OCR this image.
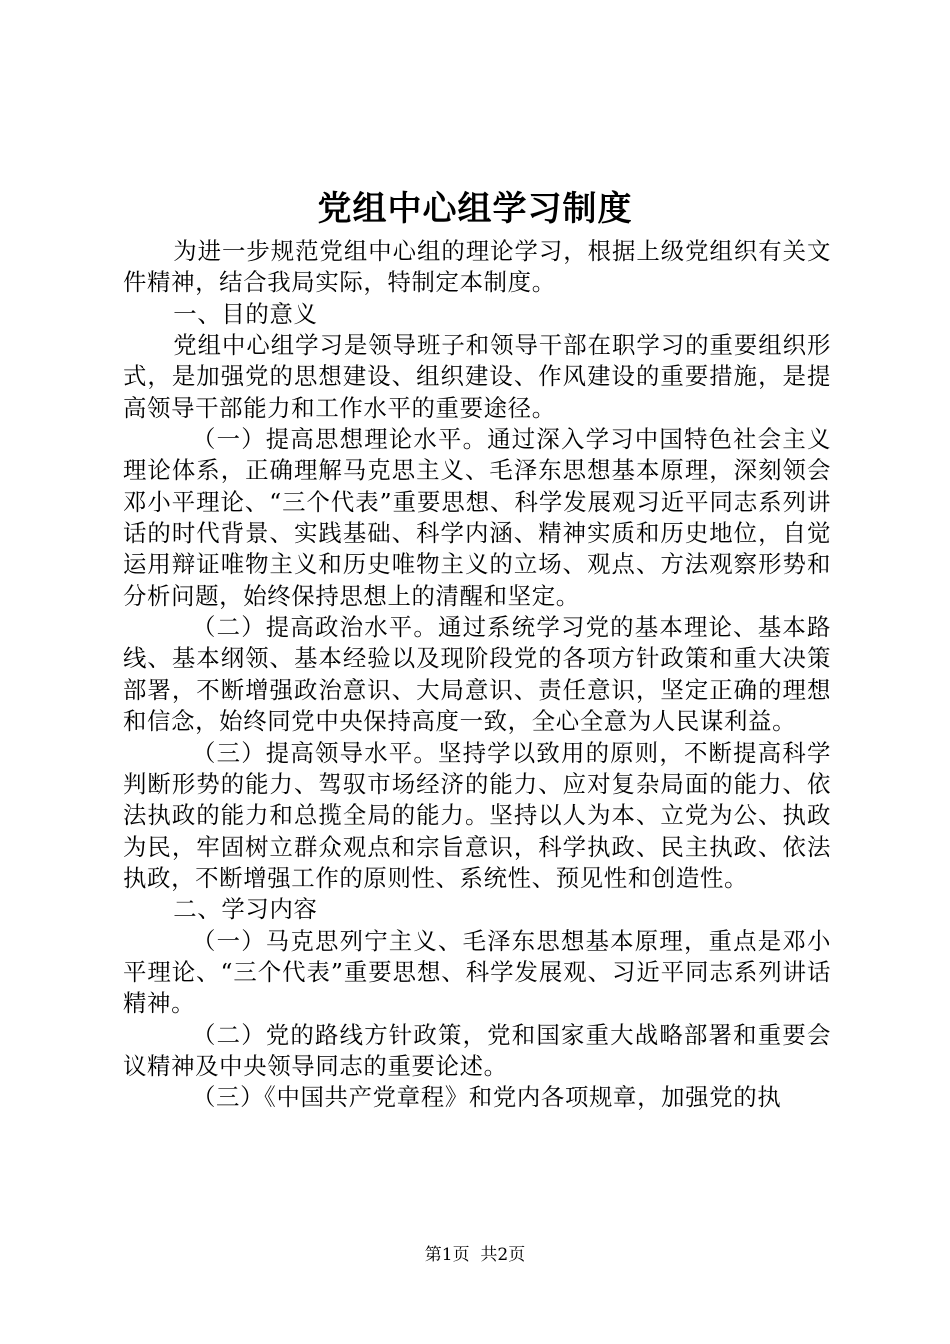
党组中心组学习制度

为进一步规范党组中心组的理论学习，根据上级党组织有关文件精神，结合我局实际，特制定本制度。

一、目的意义

党组中心组学习是领导班子和领导干部在职学习的重要组织形式，是加强党的思想建设、组织建设、作风建设的重要措施，是提高领导干部能力和工作水平的重要途径。

（一）提高思想理论水平。通过深入学习中国特色社会主义理论体系，正确理解马克思主义、毛泽东思想基本原理，深刻领会邓小平理论、“三个代表”重要思想、科学发展观习近平同志系列讲话的时代背景、实践基础、科学内涵、精神实质和历史地位，自觉运用辩证唯物主义和历史唯物主义的立场、观点、方法观察形势和分析问题，始终保持思想上的清醒和坚定。

（二）提高政治水平。通过系统学习党的基本理论、基本路线、基本纲领、基本经验以及现阶段党的各项方针政策和重大决策部署，不断增强政治意识、大局意识、责任意识，坚定正确的理想和信念，始终同党中央保持高度一致，全心全意为人民谋利益。

（三）提高领导水平。坚持学以致用的原则，不断提高科学判断形势的能力、驾驭市场经济的能力、应对复杂局面的能力、依法执政的能力和总揽全局的能力。坚持以人为本、立党为公、执政为民，牢固树立群众观点和宗旨意识，科学执政、民主执政、依法执政，不断增强工作的原则性、系统性、预见性和创造性。

二、学习内容

（一）马克思列宁主义、毛泽东思想基本原理，重点是邓小平理论、“三个代表”重要思想、科学发展观、习近平同志系列讲话精神。

（二）党的路线方针政策，党和国家重大战略部署和重要会议精神及中央领导同志的重要论述。

（三）《中国共产党章程》和党内各项规章，加强党的执

第1页 共2页
